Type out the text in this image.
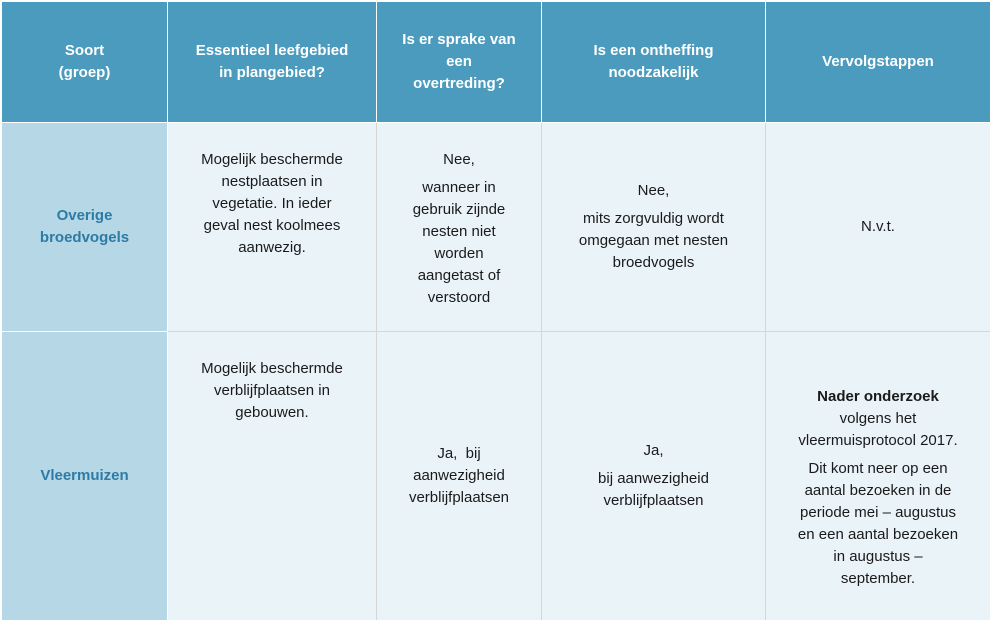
Soort
(groep)
Essentieel leefgebied
in plangebied?
Is er sprake van
een
overtreding?
Is een ontheffing
noodzakelijk
Vervolgstappen
Overige
broedvogels
Mogelijk beschermde
nestplaatsen in
vegetatie. In ieder
geval nest koolmees
aanwezig.
Nee,
wanneer in
gebruik zijnde
nesten niet
worden
aangetast of
verstoord
Nee,
mits zorgvuldig wordt
omgegaan met nesten
broedvogels
N.v.t.
Vleermuizen
Mogelijk beschermde
verblijfplaatsen in
gebouwen.
Ja,  bij
aanwezigheid
verblijfplaatsen
Ja,
bij aanwezigheid
verblijfplaatsen
Nader onderzoek
volgens het
vleermuisprotocol 2017.
Dit komt neer op een
aantal bezoeken in de
periode mei – augustus
en een aantal bezoeken
in augustus –
september.
